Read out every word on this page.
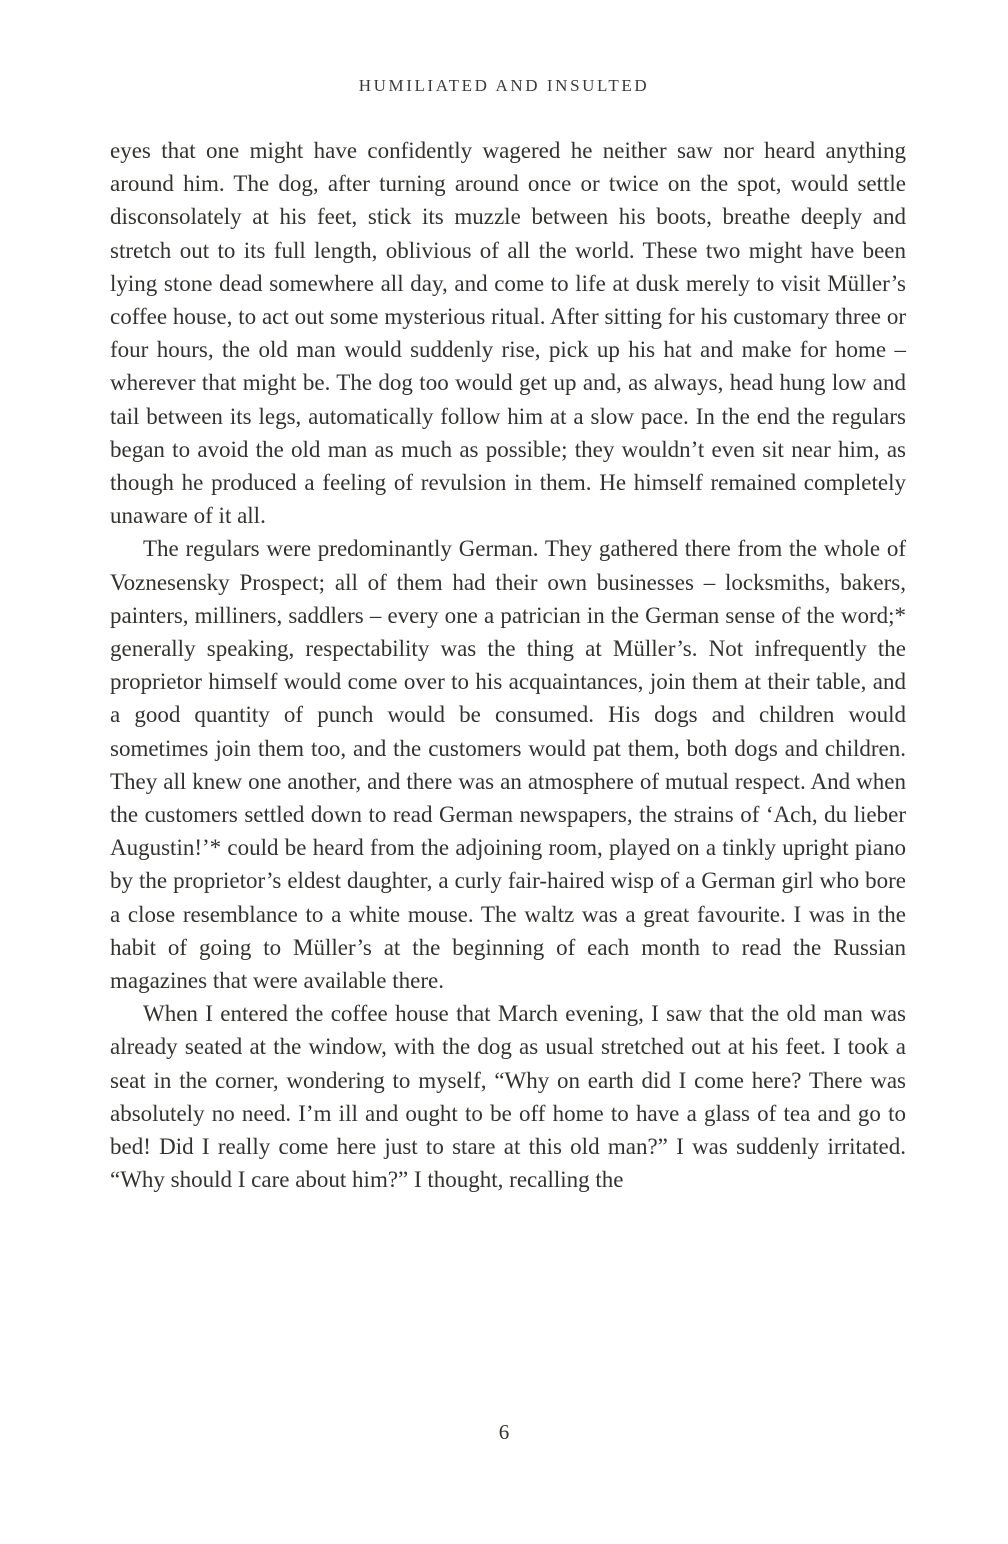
HUMILIATED AND INSULTED

eyes that one might have confidently wagered he neither saw nor heard anything around him. The dog, after turning around once or twice on the spot, would settle disconsolately at his feet, stick its muzzle between his boots, breathe deeply and stretch out to its full length, oblivious of all the world. These two might have been lying stone dead somewhere all day, and come to life at dusk merely to visit Müller’s coffee house, to act out some mysterious ritual. After sitting for his customary three or four hours, the old man would suddenly rise, pick up his hat and make for home – wherever that might be. The dog too would get up and, as always, head hung low and tail between its legs, automatically follow him at a slow pace. In the end the regulars began to avoid the old man as much as possible; they wouldn’t even sit near him, as though he produced a feeling of revulsion in them. He himself remained completely unaware of it all.

The regulars were predominantly German. They gathered there from the whole of Voznesensky Prospect; all of them had their own businesses – locksmiths, bakers, painters, milliners, saddlers – every one a patrician in the German sense of the word;* generally speaking, respectability was the thing at Müller’s. Not infrequently the proprietor himself would come over to his acquaintances, join them at their table, and a good quantity of punch would be consumed. His dogs and children would sometimes join them too, and the customers would pat them, both dogs and children. They all knew one another, and there was an atmosphere of mutual respect. And when the customers settled down to read German newspapers, the strains of ‘Ach, du lieber Augustin!’* could be heard from the adjoining room, played on a tinkly upright piano by the proprietor’s eldest daughter, a curly fair-haired wisp of a German girl who bore a close resemblance to a white mouse. The waltz was a great favourite. I was in the habit of going to Müller’s at the beginning of each month to read the Russian magazines that were available there.

When I entered the coffee house that March evening, I saw that the old man was already seated at the window, with the dog as usual stretched out at his feet. I took a seat in the corner, wondering to myself, “Why on earth did I come here? There was absolutely no need. I’m ill and ought to be off home to have a glass of tea and go to bed! Did I really come here just to stare at this old man?” I was suddenly irritated. “Why should I care about him?” I thought, recalling the

6
